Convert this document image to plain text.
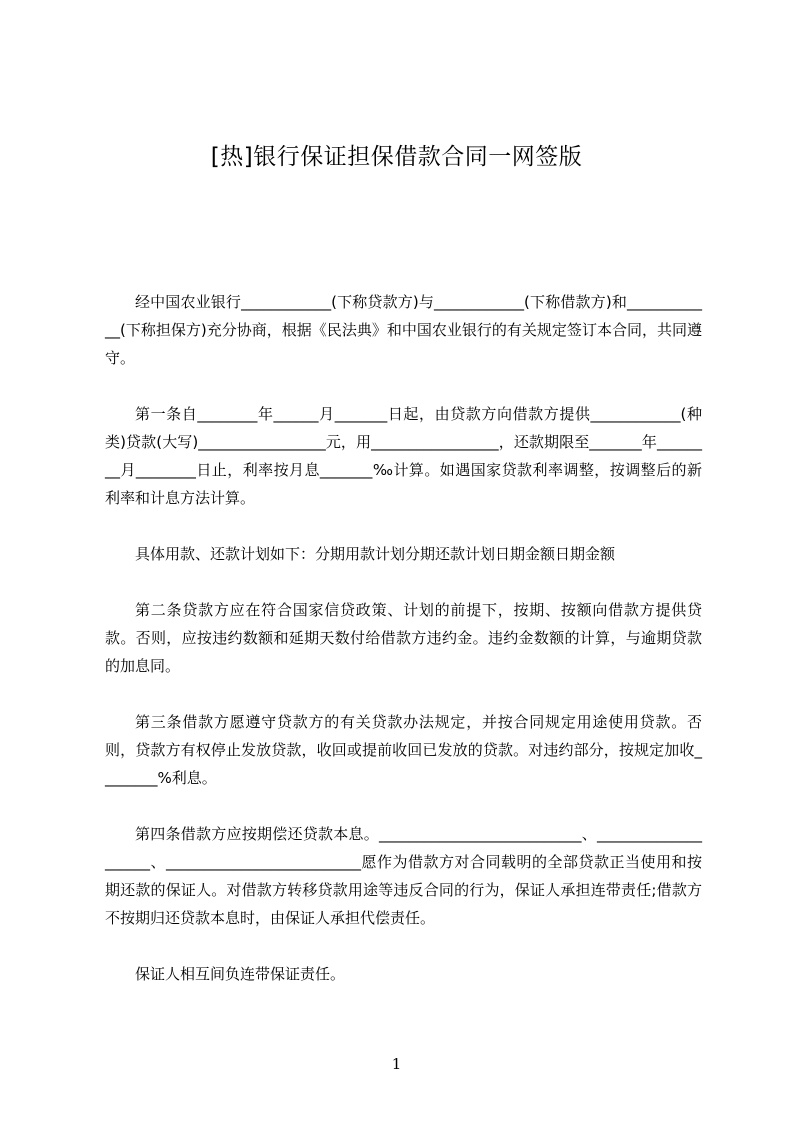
[热]银行保证担保借款合同一网签版

经中国农业银行____________(下称贷款方)与____________(下称借款方)和____________(下称担保方)充分协商，根据《民法典》和中国农业银行的有关规定签订本合同，共同遵守。

第一条自________年______月_______日起，由贷款方向借款方提供____________(种类)贷款(大写)_________________元，用_________________，还款期限至_______年________月________日止，利率按月息_______‰计算。如遇国家贷款利率调整，按调整后的新利率和计息方法计算。

具体用款、还款计划如下：分期用款计划分期还款计划日期金额日期金额

第二条贷款方应在符合国家信贷政策、计划的前提下，按期、按额向借款方提供贷款。否则，应按违约数额和延期天数付给借款方违约金。违约金数额的计算，与逾期贷款的加息同。

第三条借款方愿遵守贷款方的有关贷款办法规定，并按合同规定用途使用贷款。否则，贷款方有权停止发放贷款，收回或提前收回已发放的贷款。对违约部分，按规定加收________%利息。

第四条借款方应按期偿还贷款本息。___________________________、____________________、__________________________愿作为借款方对合同载明的全部贷款正当使用和按期还款的保证人。对借款方转移贷款用途等违反合同的行为，保证人承担连带责任;借款方不按期归还贷款本息时，由保证人承担代偿责任。

保证人相互间负连带保证责任。

1
